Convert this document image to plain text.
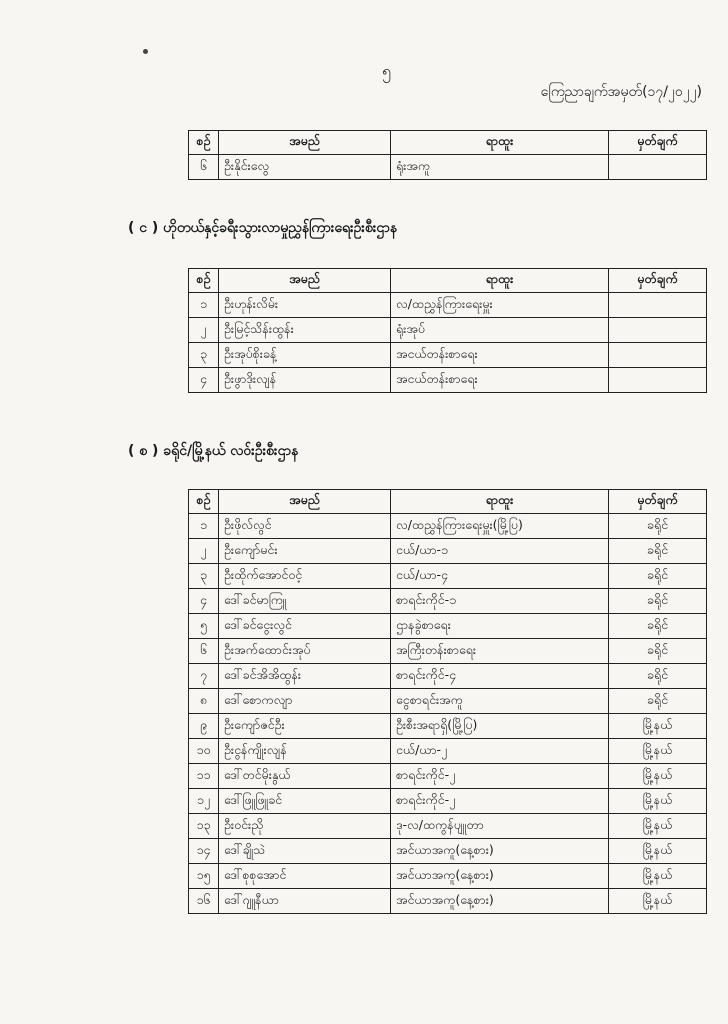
၅
ကြေညာချက်အမှတ်(၁၇/၂၀၂၂)
စဉ်	အမည်	ရာထူး	မှတ်ချက်
၆	ဦးနိုင်းလွေ	ရုံးအကူ	
( င ) ဟိုတယ်နှင့်ခရီးသွားလာမှုညွှန်ကြားရေးဦးစီးဌာန
စဉ်	အမည်	ရာထူး	မှတ်ချက်
၁	ဦးဟုန်းလိမ်း	လ/ထညွှန်ကြားရေးမှူး	
၂	ဦးမြင့်သိန်းထွန်း	ရုံးအုပ်	
၃	ဦးအုပ်စိုးခန့်	အငယ်တန်းစာရေး	
၄	ဦးဖွာဒိုးလျန်	အငယ်တန်းစာရေး	
( စ ) ခရိုင်/မြို့နယ် လဝ်းဦးစီးဌာန
စဉ်	အမည်	ရာထူး	မှတ်ချက်
၁	ဦးဖိုလ်လွင်	လ/ထညွှန်ကြားရေးမှူး(မြို့ပြ)	ခရိုင်
၂	ဦးကျော်မင်း	ငယ်/ယာ-၁	ခရိုင်
၃	ဦးထိုက်အောင်ဝင့်	ငယ်/ယာ-၄	ခရိုင်
၄	ဒေါ်ခင်မာကြူ	စာရင်းကိုင်-၁	ခရိုင်
၅	ဒေါ်ခင်ငွေးလွင်	ဌာနခွဲစာရေး	ခရိုင်
၆	ဦးအက်ထောင်းအုပ်	အကြီးတန်းစာရေး	ခရိုင်
၇	ဒေါ်ခင်အိအိထွန်း	စာရင်းကိုင်-၄	ခရိုင်
၈	ဒေါ်စောကလျာ	ငွေစာရင်းအကူ	ခရိုင်
၉	ဦးကျော်ဇင်ဦး	ဦးစီးအရာရှိ(မြို့ပြ)	မြို့နယ်
၁၀	ဦးငွန်ကျိုးလျန်	ငယ်/ယာ-၂	မြို့နယ်
၁၁	ဒေါ်တင်မိုးနွယ်	စာရင်းကိုင်-၂	မြို့နယ်
၁၂	ဒေါ်ဖြူဖြူခင်	စာရင်းကိုင်-၂	မြို့နယ်
၁၃	ဦးဝင်းညို	ဒု-လ/ထကွန်ပျူတာ	မြို့နယ်
၁၄	ဒေါ်ချိုသဲ	အင်ယာအကူ(နေ့စား)	မြို့နယ်
၁၅	ဒေါ်စုစုအောင်	အင်ယာအကူ(နေ့စား)	မြို့နယ်
၁၆	ဒေါ်ဂျူနီယာ	အင်ယာအကူ(နေ့စား)	မြို့နယ်
